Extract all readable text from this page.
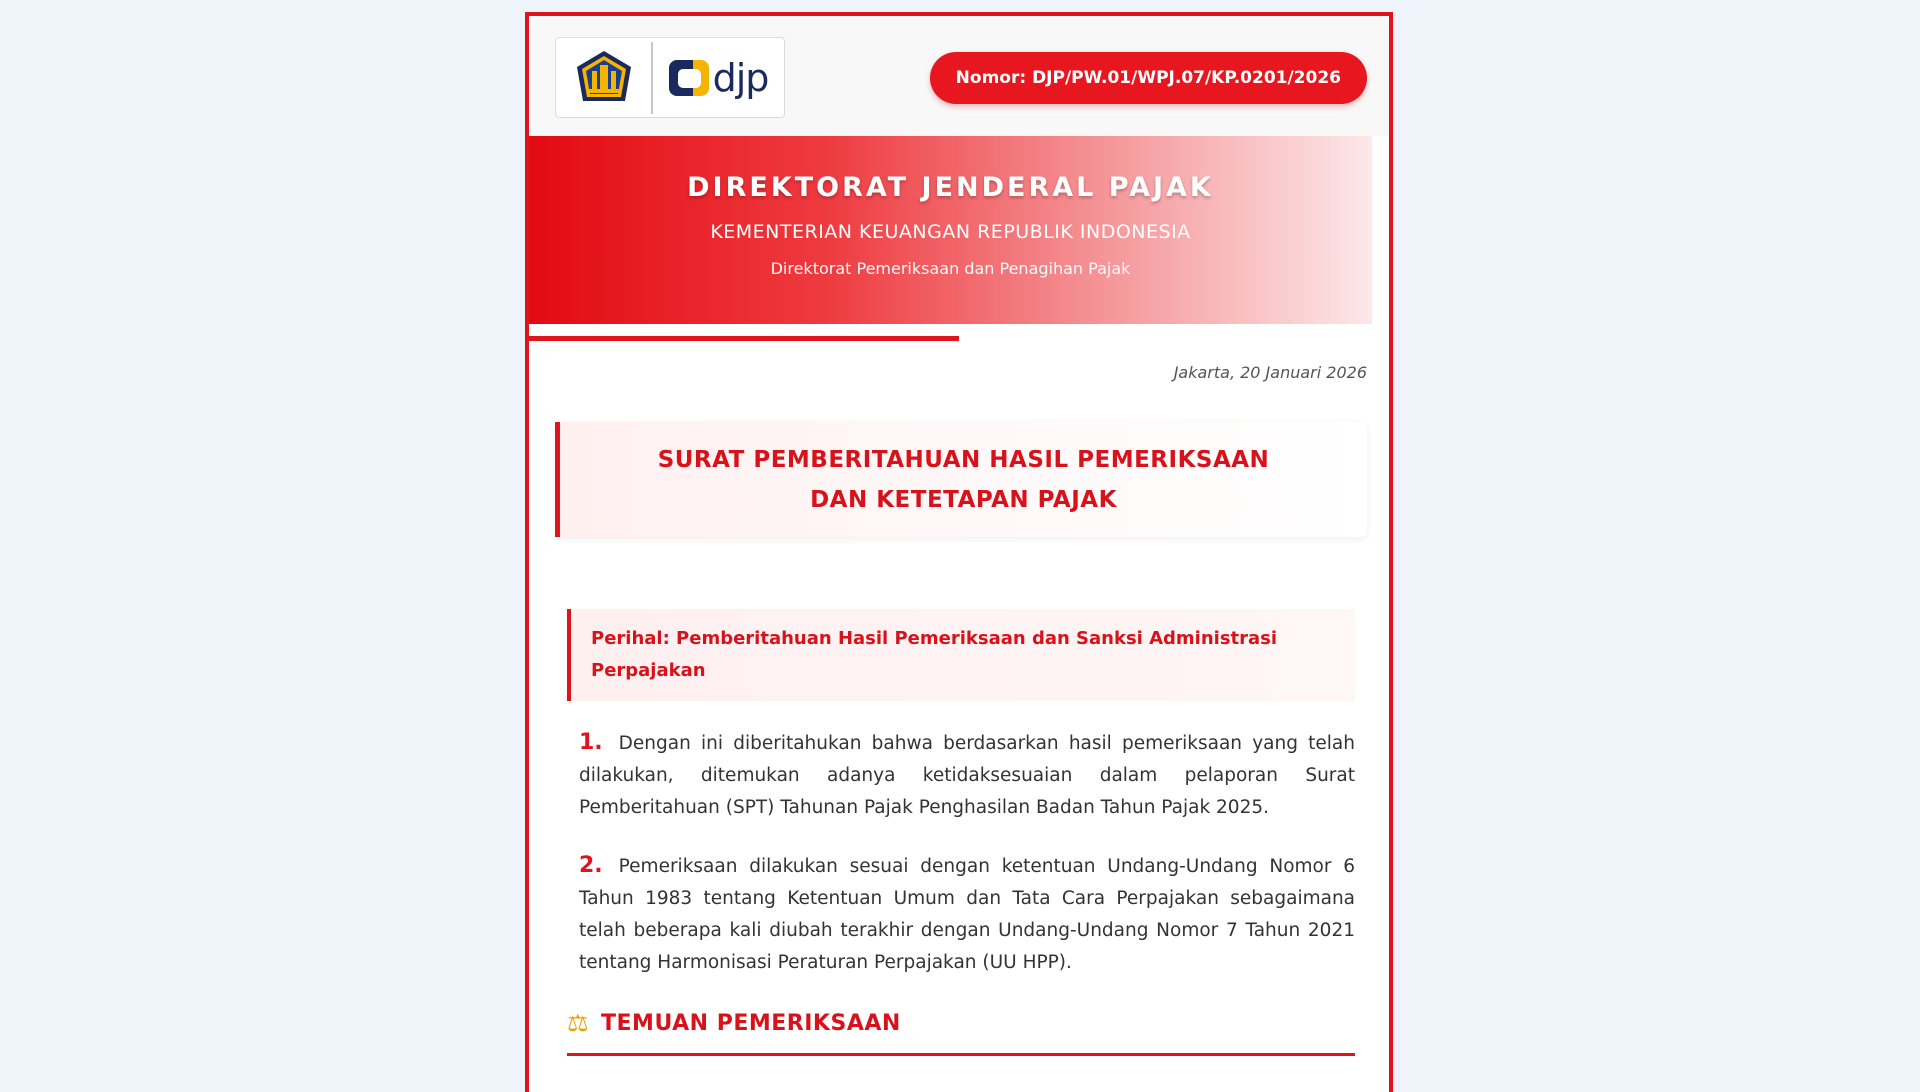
djp	Nomor: DJP/PW.01/WPJ.07/KP.0201/2026
DIREKTORAT JENDERAL PAJAK
KEMENTERIAN KEUANGAN REPUBLIK INDONESIA
Direktorat Pemeriksaan dan Penagihan Pajak
Jakarta, 20 Januari 2026
SURAT PEMBERITAHUAN HASIL PEMERIKSAAN
DAN KETETAPAN PAJAK
Perihal: Pemberitahuan Hasil Pemeriksaan dan Sanksi Administrasi Perpajakan

1. Dengan ini diberitahukan bahwa berdasarkan hasil pemeriksaan yang telah dilakukan, ditemukan adanya ketidaksesuaian dalam pelaporan Surat Pemberitahuan (SPT) Tahunan Pajak Penghasilan Badan Tahun Pajak 2025.

2. Pemeriksaan dilakukan sesuai dengan ketentuan Undang-Undang Nomor 6 Tahun 1983 tentang Ketentuan Umum dan Tata Cara Perpajakan sebagaimana telah beberapa kali diubah terakhir dengan Undang-Undang Nomor 7 Tahun 2021 tentang Harmonisasi Peraturan Perpajakan (UU HPP).

⚖ TEMUAN PEMERIKSAAN
